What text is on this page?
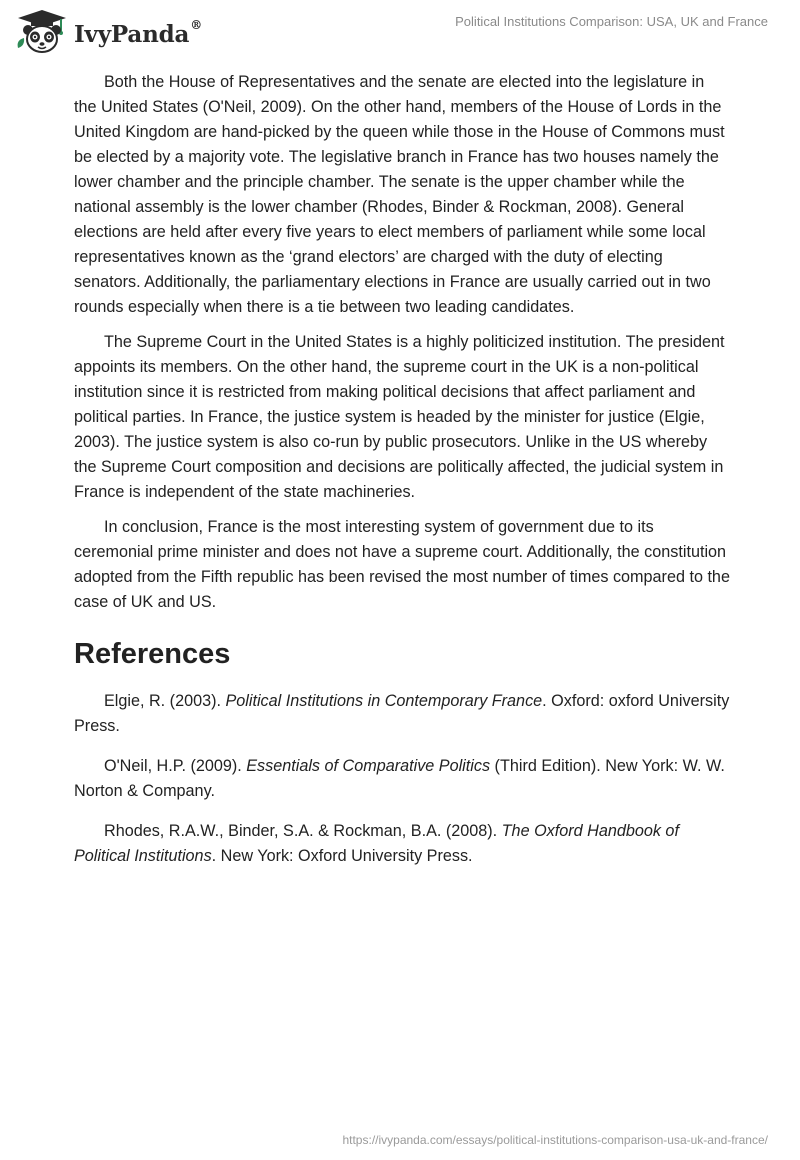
IvyPanda®	Political Institutions Comparison: USA, UK and France

Both the House of Representatives and the senate are elected into the legislature in the United States (O'Neil, 2009). On the other hand, members of the House of Lords in the United Kingdom are hand-picked by the queen while those in the House of Commons must be elected by a majority vote. The legislative branch in France has two houses namely the lower chamber and the principle chamber. The senate is the upper chamber while the national assembly is the lower chamber (Rhodes, Binder & Rockman, 2008). General elections are held after every five years to elect members of parliament while some local representatives known as the ‘grand electors’ are charged with the duty of electing senators. Additionally, the parliamentary elections in France are usually carried out in two rounds especially when there is a tie between two leading candidates.

The Supreme Court in the United States is a highly politicized institution. The president appoints its members. On the other hand, the supreme court in the UK is a non-political institution since it is restricted from making political decisions that affect parliament and political parties. In France, the justice system is headed by the minister for justice (Elgie, 2003). The justice system is also co-run by public prosecutors. Unlike in the US whereby the Supreme Court composition and decisions are politically affected, the judicial system in France is independent of the state machineries.

In conclusion, France is the most interesting system of government due to its ceremonial prime minister and does not have a supreme court. Additionally, the constitution adopted from the Fifth republic has been revised the most number of times compared to the case of UK and US.

References

Elgie, R. (2003). Political Institutions in Contemporary France. Oxford: oxford University Press.

O'Neil, H.P. (2009). Essentials of Comparative Politics (Third Edition). New York: W. W. Norton & Company.

Rhodes, R.A.W., Binder, S.A. & Rockman, B.A. (2008). The Oxford Handbook of Political Institutions. New York: Oxford University Press.

https://ivypanda.com/essays/political-institutions-comparison-usa-uk-and-france/
